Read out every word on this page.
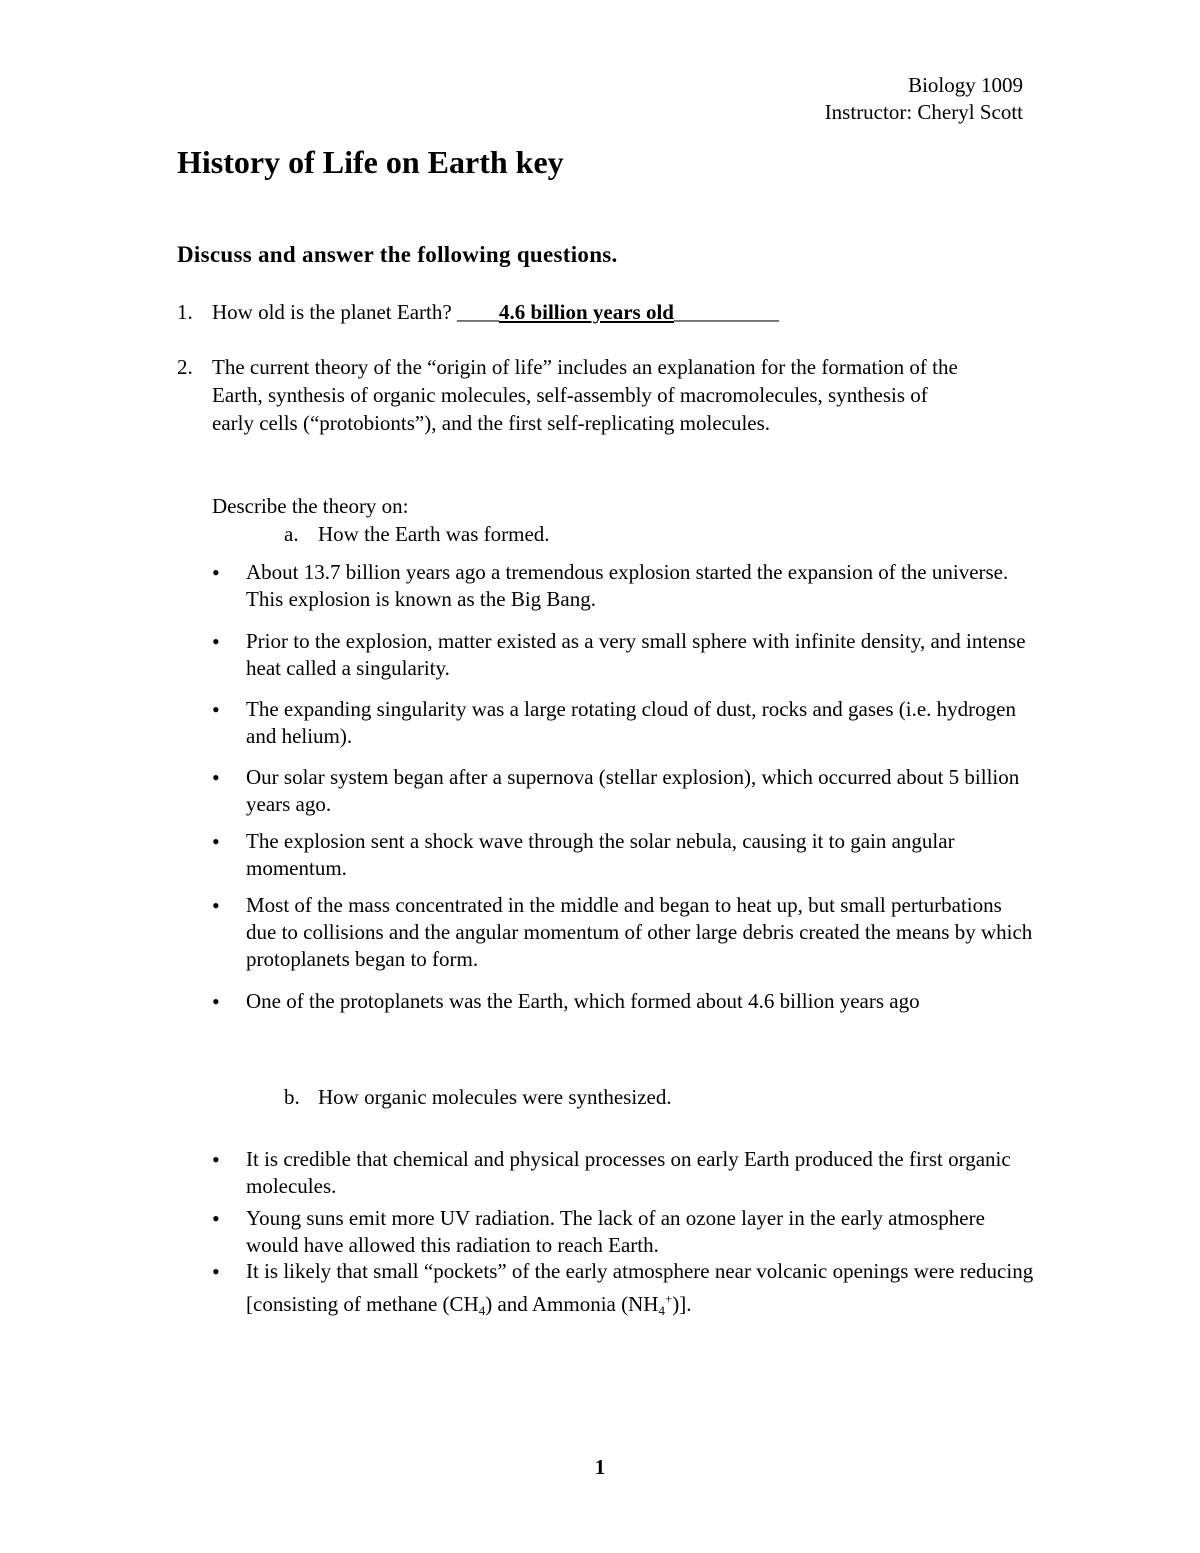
Biology 1009
Instructor: Cheryl Scott
History of Life on Earth key
Discuss and answer the following questions.
1. How old is the planet Earth? ____4.6 billion years old__________
2. The current theory of the “origin of life” includes an explanation for the formation of the Earth, synthesis of organic molecules, self-assembly of macromolecules, synthesis of early cells (“protobionts”), and the first self-replicating molecules.
Describe the theory on:
a. How the Earth was formed.
• About 13.7 billion years ago a tremendous explosion started the expansion of the universe. This explosion is known as the Big Bang.
• Prior to the explosion, matter existed as a very small sphere with infinite density, and intense heat called a singularity.
• The expanding singularity was a large rotating cloud of dust, rocks and gases (i.e. hydrogen and helium).
• Our solar system began after a supernova (stellar explosion), which occurred about 5 billion years ago.
• The explosion sent a shock wave through the solar nebula, causing it to gain angular momentum.
• Most of the mass concentrated in the middle and began to heat up, but small perturbations due to collisions and the angular momentum of other large debris created the means by which protoplanets began to form.
• One of the protoplanets was the Earth, which formed about 4.6 billion years ago
b. How organic molecules were synthesized.
• It is credible that chemical and physical processes on early Earth produced the first organic molecules.
• Young suns emit more UV radiation. The lack of an ozone layer in the early atmosphere would have allowed this radiation to reach Earth.
• It is likely that small “pockets” of the early atmosphere near volcanic openings were reducing [consisting of methane $(CH_4)$ and Ammonia $(NH_4^+)$].
1
